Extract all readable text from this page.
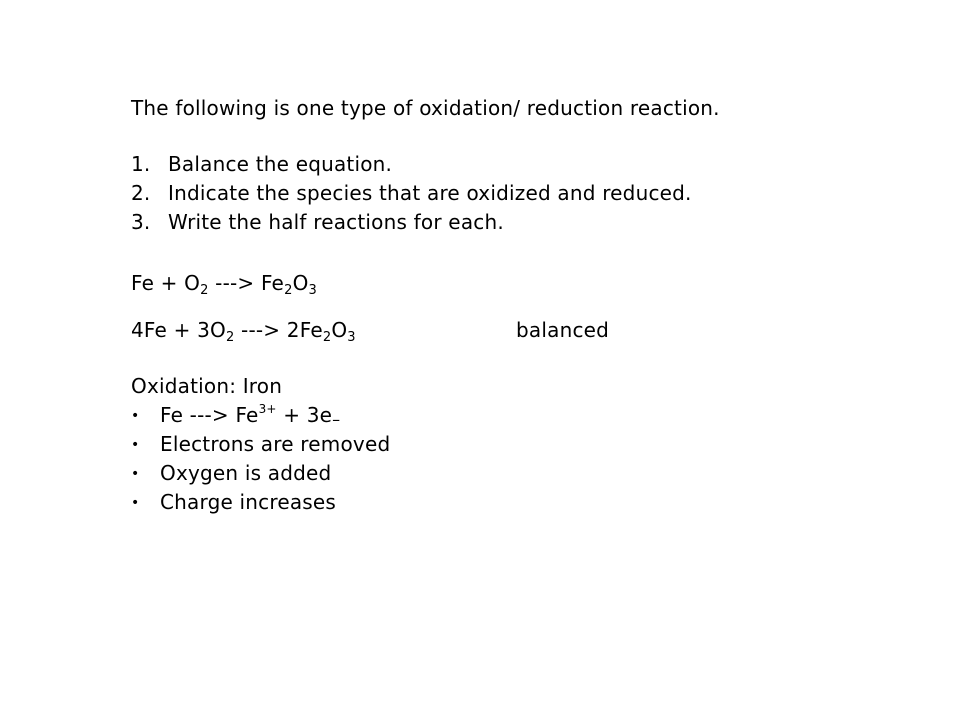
The following is one type of oxidation/ reduction reaction.
1. Balance the equation.
2. Indicate the species that are oxidized and reduced.
3. Write the half reactions for each.
$Fe + O_2$ ---> $Fe_2O_3$
$4Fe + 3O_2$ ---> $2Fe_2O_3$	balanced
Oxidation: Iron
• Fe ---> $Fe^{3+} + 3e-$
• Electrons are removed
• Oxygen is added
• Charge increases
